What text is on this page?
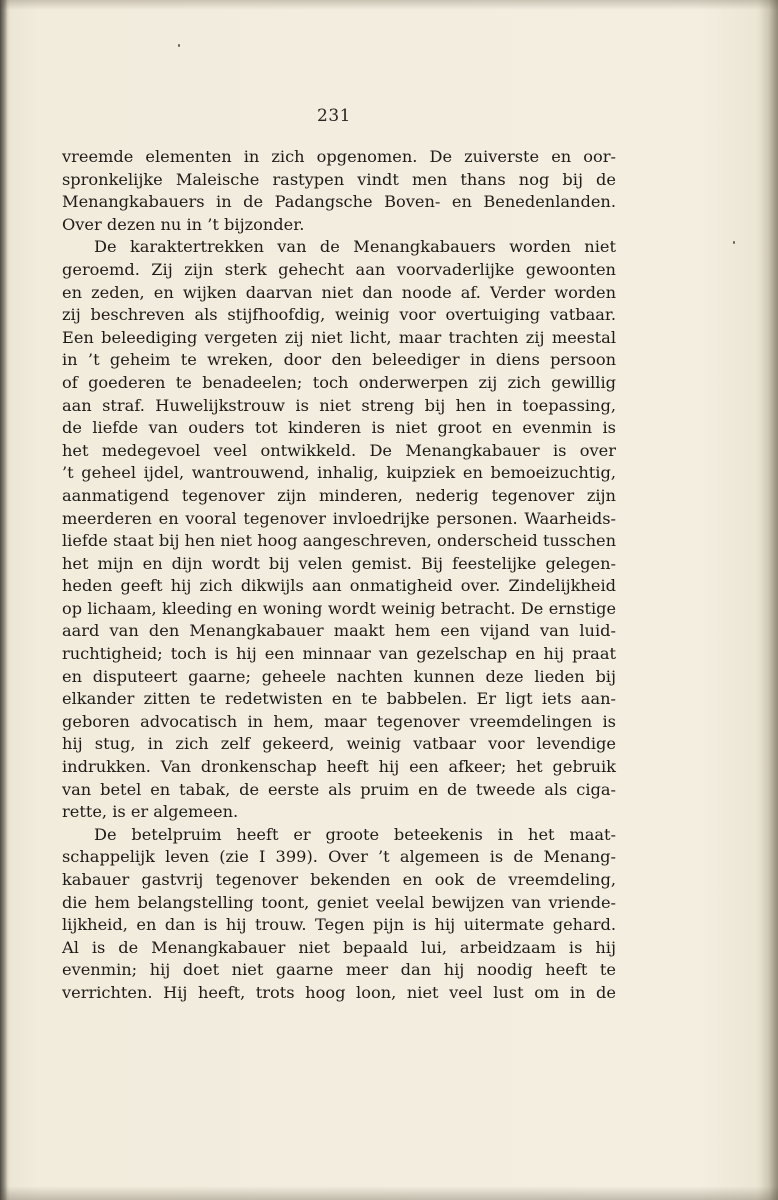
231
vreemde elementen in zich opgenomen. De zuiverste en oor-
spronkelijke Maleische rastypen vindt men thans nog bij de
Menangkabauers in de Padangsche Boven- en Benedenlanden.
Over dezen nu in ’t bijzonder.
De karaktertrekken van de Menangkabauers worden niet
geroemd. Zij zijn sterk gehecht aan voorvaderlijke gewoonten
en zeden, en wijken daarvan niet dan noode af. Verder worden
zij beschreven als stijfhoofdig, weinig voor overtuiging vatbaar.
Een beleediging vergeten zij niet licht, maar trachten zij meestal
in ’t geheim te wreken, door den beleediger in diens persoon
of goederen te benadeelen; toch onderwerpen zij zich gewillig
aan straf. Huwelijkstrouw is niet streng bij hen in toepassing,
de liefde van ouders tot kinderen is niet groot en evenmin is
het medegevoel veel ontwikkeld. De Menangkabauer is over
’t geheel ijdel, wantrouwend, inhalig, kuipziek en bemoeizuchtig,
aanmatigend tegenover zijn minderen, nederig tegenover zijn
meerderen en vooral tegenover invloedrijke personen. Waarheids-
liefde staat bij hen niet hoog aangeschreven, onderscheid tusschen
het mijn en dijn wordt bij velen gemist. Bij feestelijke gelegen-
heden geeft hij zich dikwijls aan onmatigheid over. Zindelijkheid
op lichaam, kleeding en woning wordt weinig betracht. De ernstige
aard van den Menangkabauer maakt hem een vijand van luid-
ruchtigheid; toch is hij een minnaar van gezelschap en hij praat
en disputeert gaarne; geheele nachten kunnen deze lieden bij
elkander zitten te redetwisten en te babbelen. Er ligt iets aan-
geboren advocatisch in hem, maar tegenover vreemdelingen is
hij stug, in zich zelf gekeerd, weinig vatbaar voor levendige
indrukken. Van dronkenschap heeft hij een afkeer; het gebruik
van betel en tabak, de eerste als pruim en de tweede als ciga-
rette, is er algemeen.
De betelpruim heeft er groote beteekenis in het maat-
schappelijk leven (zie I 399). Over ’t algemeen is de Menang-
kabauer gastvrij tegenover bekenden en ook de vreemdeling,
die hem belangstelling toont, geniet veelal bewijzen van vriende-
lijkheid, en dan is hij trouw. Tegen pijn is hij uitermate gehard.
Al is de Menangkabauer niet bepaald lui, arbeidzaam is hij
evenmin; hij doet niet gaarne meer dan hij noodig heeft te
verrichten. Hij heeft, trots hoog loon, niet veel lust om in de
